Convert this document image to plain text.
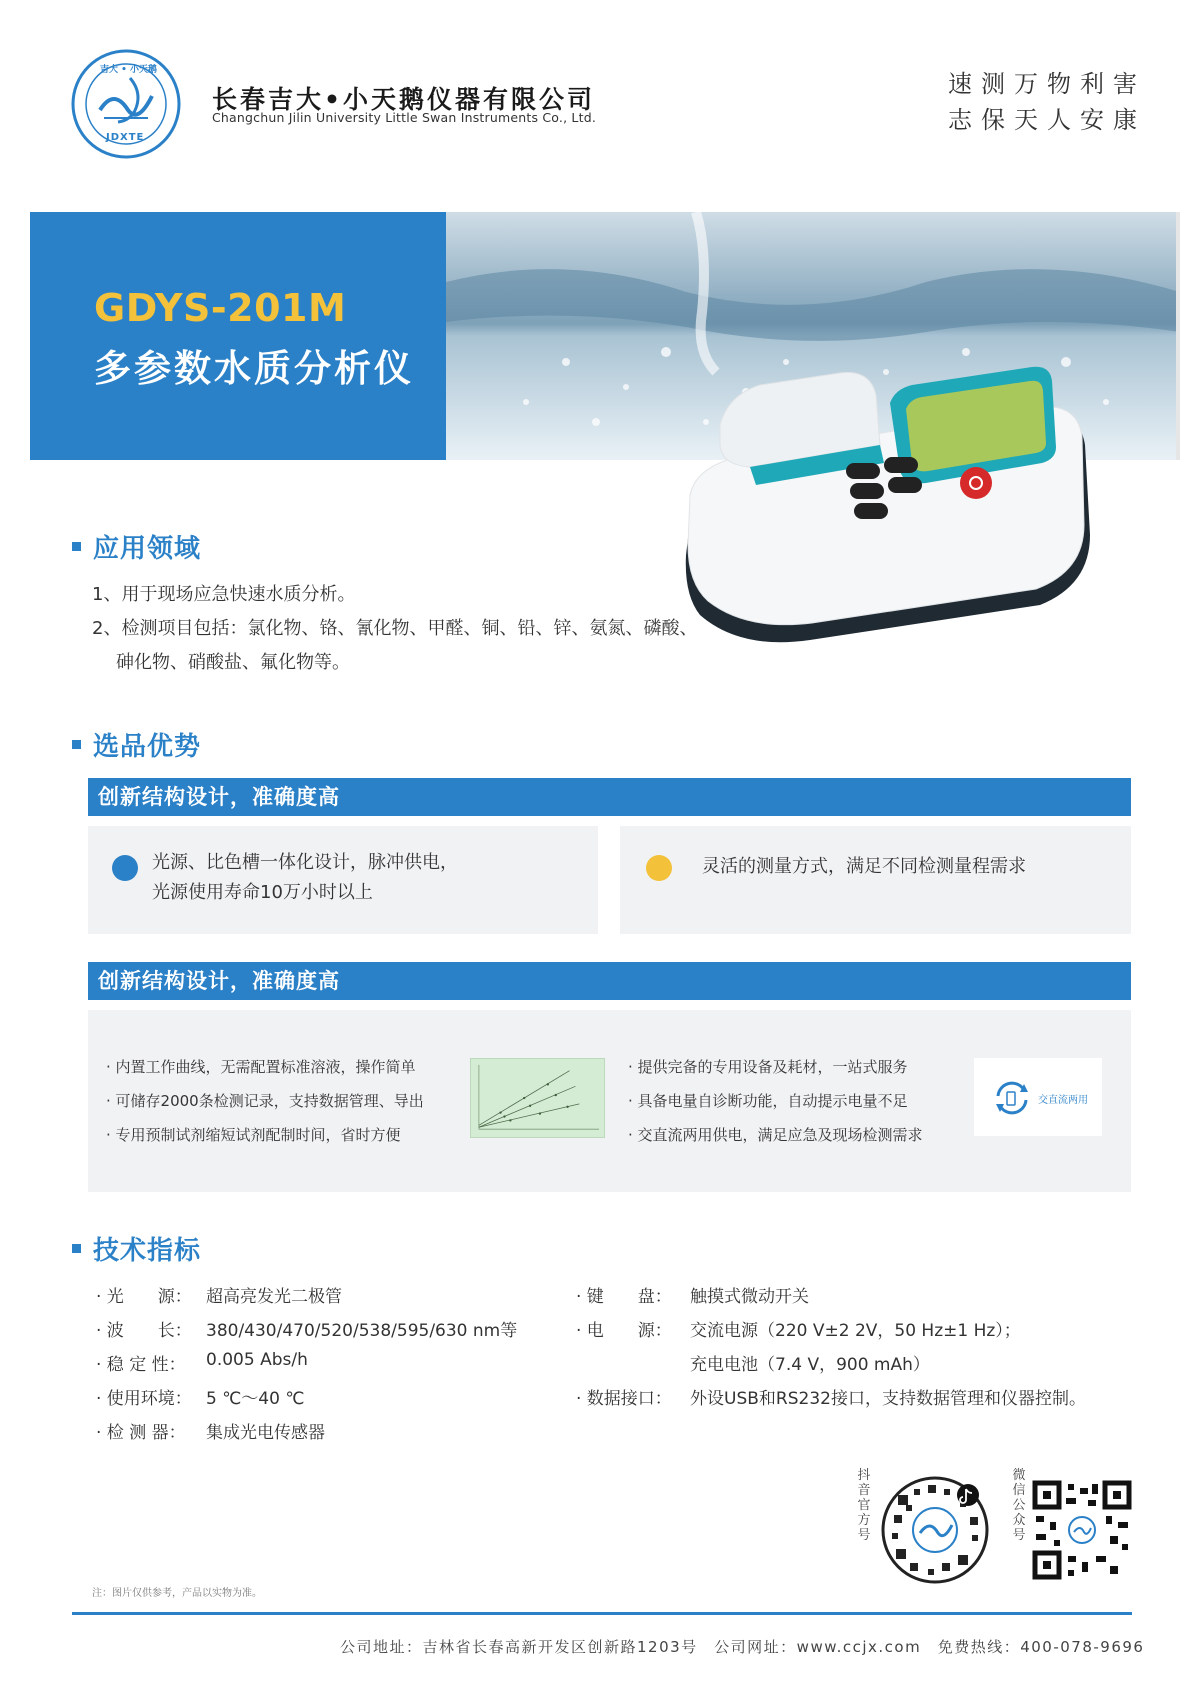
吉大 • 小天鹅
JDXTE
长春吉大•小天鹅仪器有限公司
Changchun Jilin University Little Swan Instruments Co., Ltd.
速测万物利害
志保天人安康
GDYS-201M
多参数水质分析仪
应用领域
1、用于现场应急快速水质分析。
2、检测项目包括：氯化物、铬、氰化物、甲醛、铜、铅、锌、氨氮、磷酸、
砷化物、硝酸盐、氟化物等。
选品优势
创新结构设计，准确度高
光源、比色槽一体化设计，脉冲供电，
光源使用寿命10万小时以上
灵活的测量方式，满足不同检测量程需求
创新结构设计，准确度高
· 内置工作曲线，无需配置标准溶液，操作简单
· 可储存2000条检测记录，支持数据管理、导出
· 专用预制试剂缩短试剂配制时间，省时方便
· 提供完备的专用设备及耗材，一站式服务
· 具备电量自诊断功能，自动提示电量不足
· 交直流两用供电，满足应急及现场检测需求
交直流两用
技术指标
· 光　　源： 超高亮发光二极管
· 波　　长： 380/430/470/520/538/595/630 nm等
· 稳 定 性： 0.005 Abs/h
· 使用环境： 5 ℃～40 ℃
· 检 测 器： 集成光电传感器
· 键　　盘： 触摸式微动开关
· 电　　源： 交流电源（220 V±2 2V，50 Hz±1 Hz）；
充电电池（7.4 V，900 mAh）
· 数据接口： 外设USB和RS232接口，支持数据管理和仪器控制。
抖音官方号
微信公众号
注：图片仅供参考，产品以实物为准。
公司地址：吉林省长春高新开发区创新路1203号　公司网址：www.ccjx.com　免费热线：400-078-9696
